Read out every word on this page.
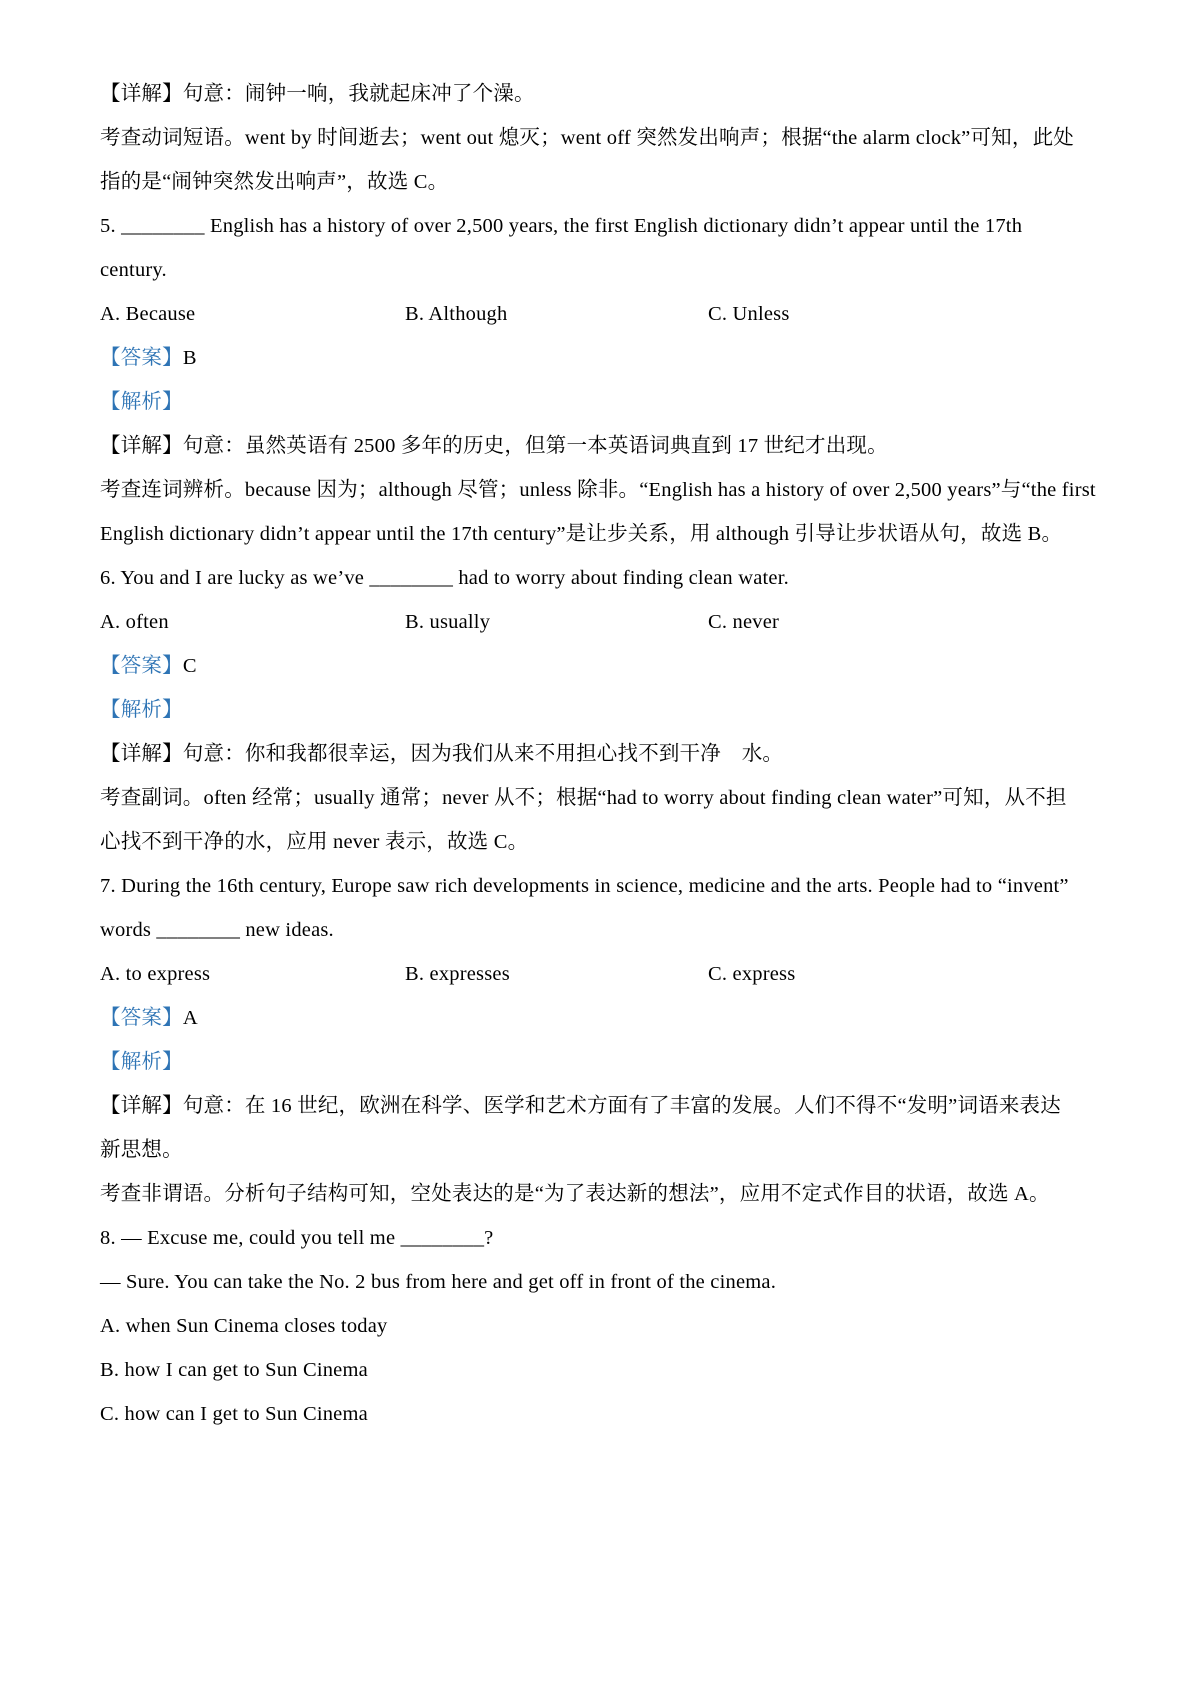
【详解】句意：闹钟一响，我就起床冲了个澡。
考查动词短语。went by 时间逝去；went out 熄灭；went off 突然发出响声；根据“the alarm clock”可知，此处
指的是“闹钟突然发出响声”，故选 C。
5. ________ English has a history of over 2,500 years, the first English dictionary didn’t appear until the 17th
century.
A. Because	B. Although	C. Unless
【答案】B
【解析】
【详解】句意：虽然英语有 2500 多年的历史，但第一本英语词典直到 17 世纪才出现。
考查连词辨析。because 因为；although 尽管；unless 除非。“English has a history of over 2,500 years”与“the first
English dictionary didn’t appear until the 17th century”是让步关系，用 although 引导让步状语从句，故选 B。
6. You and I are lucky as we’ve ________ had to worry about finding clean water.
A. often	B. usually	C. never
【答案】C
【解析】
【详解】句意：你和我都很幸运，因为我们从来不用担心找不到干净　水。
考查副词。often 经常；usually 通常；never 从不；根据“had to worry about finding clean water”可知，从不担
心找不到干净的水，应用 never 表示，故选 C。
7. During the 16th century, Europe saw rich developments in science, medicine and the arts. People had to “invent”
words ________ new ideas.
A. to express	B. expresses	C. express
【答案】A
【解析】
【详解】句意：在 16 世纪，欧洲在科学、医学和艺术方面有了丰富的发展。人们不得不“发明”词语来表达
新思想。
考查非谓语。分析句子结构可知，空处表达的是“为了表达新的想法”，应用不定式作目的状语，故选 A。
8. — Excuse me, could you tell me ________?
— Sure. You can take the No. 2 bus from here and get off in front of the cinema.
A. when Sun Cinema closes today
B. how I can get to Sun Cinema
C. how can I get to Sun Cinema
